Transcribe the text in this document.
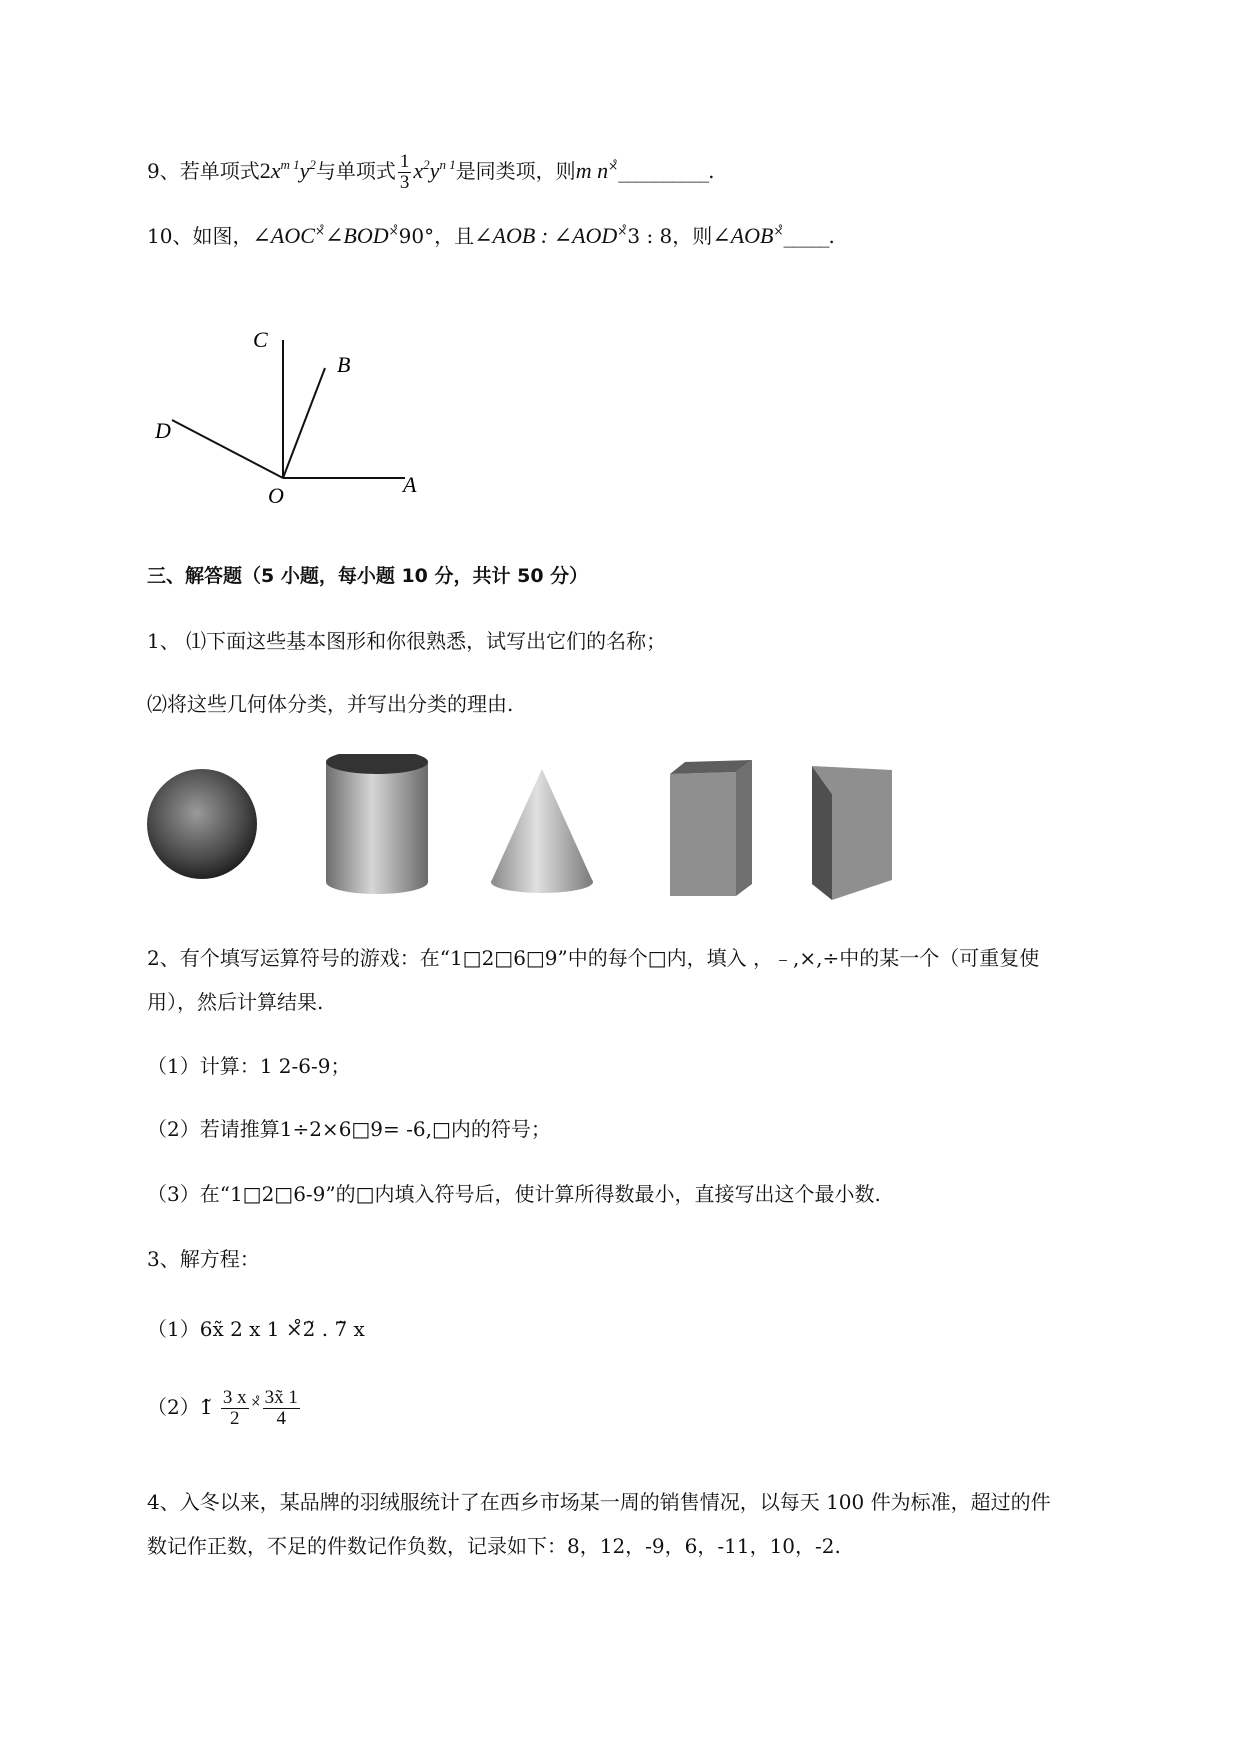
9、若单项式$2x^{m 1}y^2$与单项式 $\frac{1}{3} x^2y^{n 1}$是同类项，则m n×̊__________.
10、如图，∠AOC×̊∠BOD×̊90°，且∠AOB : ∠AOD×̊3 : 8，则∠AOB×̊_____.
C
B
D
O	A
三、解答题（5 小题，每小题 10 分，共计 50 分）
1、 ⑴下面这些基本图形和你很熟悉，试写出它们的名称；
⑵将这些几何体分类，并写出分类的理由.
2、有个填写运算符号的游戏：在“1□2□6□9”中的每个□内，填入 ，﹣,×,÷中的某一个（可重复使
用），然后计算结果.
（1）计算：1 2-6-9；
（2）若请推算1÷2×6□9= -6,□内的符号；
（3）在“1□2□6-9”的□内填入符号后，使计算所得数最小，直接写出这个最小数.
3、解方程：
（1）6x̃ 2 x 1 ×̊2̃ . 7̃ x
（2）1̃ $\frac{3 x}{2} ^{\times̊} \frac{3x̃ 1}{4}$
4、入冬以来，某品牌的羽绒服统计了在西乡市场某一周的销售情况，以每天 100 件为标准，超过的件
数记作正数，不足的件数记作负数，记录如下：8，12，-9，6，-11，10，-2.
